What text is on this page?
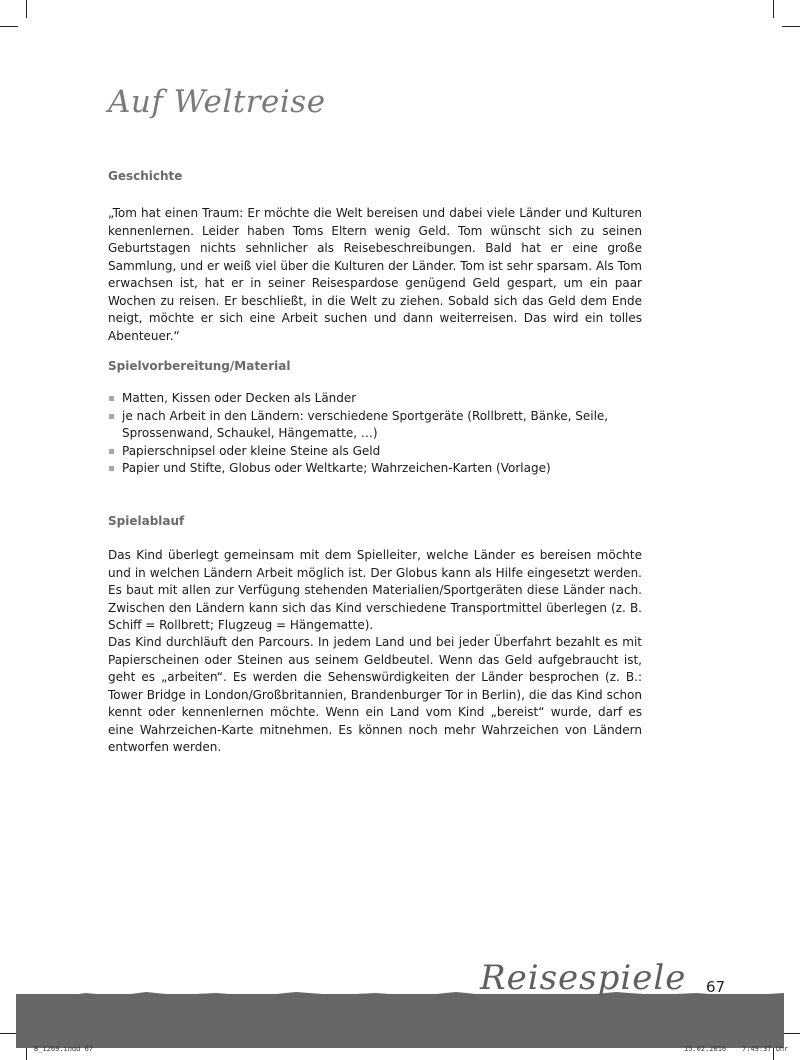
Auf Weltreise
Geschichte

„Tom hat einen Traum: Er möchte die Welt bereisen und dabei viele Länder und Kulturen kennenlernen. Leider haben Toms Eltern wenig Geld. Tom wünscht sich zu seinen Geburtstagen nichts sehnlicher als Reisebeschreibungen. Bald hat er eine große Sammlung, und er weiß viel über die Kulturen der Länder. Tom ist sehr sparsam. Als Tom erwachsen ist, hat er in seiner Reisespardose genügend Geld gespart, um ein paar Wochen zu reisen. Er beschließt, in die Welt zu ziehen. Sobald sich das Geld dem Ende neigt, möchte er sich eine Arbeit suchen und dann weiterreisen. Das wird ein tolles Abenteuer.“

Spielvorbereitung/Material
Matten, Kissen oder Decken als Länder
je nach Arbeit in den Ländern: verschiedene Sportgeräte (Rollbrett, Bänke, Seile, Sprossenwand, Schaukel, Hängematte, …)
Papierschnipsel oder kleine Steine als Geld
Papier und Stifte, Globus oder Weltkarte; Wahrzeichen-Karten (Vorlage)
Spielablauf

Das Kind überlegt gemeinsam mit dem Spielleiter, welche Länder es bereisen möchte und in welchen Ländern Arbeit möglich ist. Der Globus kann als Hilfe eingesetzt werden. Es baut mit allen zur Verfügung stehenden Materialien/Sportgeräten diese Länder nach. Zwischen den Ländern kann sich das Kind verschiedene Transportmittel überlegen (z. B. Schiff = Rollbrett; Flugzeug = Hängematte).

Das Kind durchläuft den Parcours. In jedem Land und bei jeder Überfahrt bezahlt es mit Papierscheinen oder Steinen aus seinem Geldbeutel. Wenn das Geld aufgebraucht ist, geht es „arbeiten“. Es werden die Sehenswürdigkeiten der Länder besprochen (z. B.: Tower Bridge in London/Großbritannien, Brandenburger Tor in Berlin), die das Kind schon kennt oder kennenlernen möchte. Wenn ein Land vom Kind „bereist“ wurde, darf es eine Wahrzeichen-Karte mitnehmen. Es können noch mehr Wahrzeichen von Ländern entworfen werden.

Reisespiele 67
B_1269.indd 67	15.02.2016 7:49:37 Uhr
